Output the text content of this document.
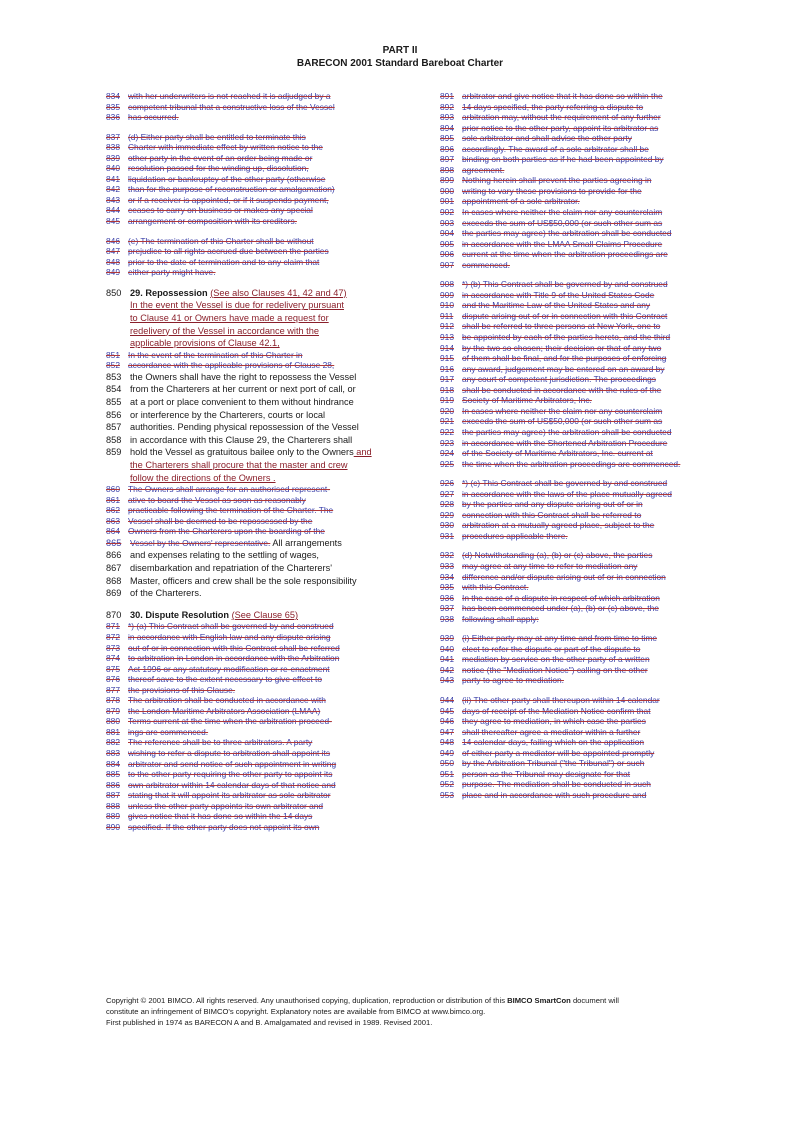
PART II
BARECON 2001 Standard Bareboat Charter
834 with her underwriters is not reached it is adjudged by a
835 competent tribunal that a constructive loss of the Vessel
836 has occurred.
837 (d) Either party shall be entitled to terminate this
838 Charter with immediate effect by written notice to the
839 other party in the event of an order being made or
840 resolution passed for the winding up, dissolution,
841 liquidation or bankruptcy of the other party (otherwise
842 than for the purpose of reconstruction or amalgamation)
843 or if a receiver is appointed, or if it suspends payment,
844 ceases to carry on business or makes any special
845 arrangement or composition with its creditors.
846 (e) The termination of this Charter shall be without
847 prejudice to all rights accrued due between the parties
848 prior to the date of termination and to any claim that
849 either party might have.
850 29. Repossession (See also Clauses 41, 42 and 47)
In the event the Vessel is due for redelivery pursuant
to Clause 41 or Owners have made a request for
redelivery of the Vessel in accordance with the
applicable provisions of Clause 42.1,
851 In the event of the termination of this Charter in
852 accordance with the applicable provisions of Clause 28,
853 the Owners shall have the right to repossess the Vessel
854 from the Charterers at her current or next port of call, or
855 at a port or place convenient to them without hindrance
856 or interference by the Charterers, courts or local
857 authorities. Pending physical repossession of the Vessel
858 in accordance with this Clause 29, the Charterers shall
859 hold the Vessel as gratuitous bailee only to the Owners and
the Charterers shall procure that the master and crew
follow the directions of the Owners .
860 The Owners shall arrange for an authorised represent-
861 ative to board the Vessel as soon as reasonably
862 practicable following the termination of the Charter. The
863 Vessel shall be deemed to be repossessed by the
864 Owners from the Charterers upon the boarding of the
865	Vessel by the Owners' representative. All arrangements
866 and expenses relating to the settling of wages,
867 disembarkation and repatriation of the Charterers'
868 Master, officers and crew shall be the sole responsibility
869 of the Charterers.
870 30. Dispute Resolution (See Clause 65)
871 *) (a) This Contract shall be governed by and construed
872 in accordance with English law and any dispute arising
873 out of or in connection with this Contract shall be referred
874 to arbitration in London in accordance with the Arbitration
875 Act 1996 or any statutory modification or re-enactment
876 thereof save to the extent necessary to give effect to
877 the provisions of this Clause.
878 The arbitration shall be conducted in accordance with
879 the London Maritime Arbitrators Association (LMAA)
880 Terms current at the time when the arbitration proceed-
881 ings are commenced.
882 The reference shall be to three arbitrators. A party
883 wishing to refer a dispute to arbitration shall appoint its
884 arbitrator and send notice of such appointment in writing
885 to the other party requiring the other party to appoint its
886 own arbitrator within 14 calendar days of that notice and
887 stating that it will appoint its arbitrator as sole arbitrator
888 unless the other party appoints its own arbitrator and
889 gives notice that it has done so within the 14 days
890 specified. If the other party does not appoint its own
891 arbitrator and give notice that it has done so within the
892 14 days specified, the party referring a dispute to
893 arbitration may, without the requirement of any further
894 prior notice to the other party, appoint its arbitrator as
895 sole arbitrator and shall advise the other party
896 accordingly. The award of a sole arbitrator shall be
897 binding on both parties as if he had been appointed by
898 agreement.
899 Nothing herein shall prevent the parties agreeing in
900 writing to vary these provisions to provide for the
901 appointment of a sole arbitrator.
902 In cases where neither the claim nor any counterclaim
903 exceeds the sum of US$50,000 (or such other sum as
904 the parties may agree) the arbitration shall be conducted
905 in accordance with the LMAA Small Claims Procedure
906 current at the time when the arbitration proceedings are
907 commenced.
908 *) (b) This Contract shall be governed by and construed
909 in accordance with Title 9 of the United States Code
910 and the Maritime Law of the United States and any
911	dispute arising out of or in connection with this Contract
912 shall be referred to three persons at New York, one to
913 be appointed by each of the parties hereto, and the third
914 by the two so chosen; their decision or that of any two
915 of them shall be final, and for the purposes of enforcing
916 any award, judgement may be entered on an award by
917 any court of competent jurisdiction. The proceedings
918 shall be conducted in accordance with the rules of the
919 Society of Maritime Arbitrators, Inc.
920 In cases where neither the claim nor any counterclaim
921 exceeds the sum of US$50,000 (or such other sum as
922 the parties may agree) the arbitration shall be conducted
923 in accordance with the Shortened Arbitration Procedure
924 of the Society of Maritime Arbitrators, Inc. current at
925 the time when the arbitration proceedings are commenced.
926 *) (c) This Contract shall be governed by and construed
927 in accordance with the laws of the place mutually agreed
928 by the parties and any dispute arising out of or in
929 connection with this Contract shall be referred to
930 arbitration at a mutually agreed place, subject to the
931 procedures applicable there.
932 (d) Notwithstanding (a), (b) or (c) above, the parties
933 may agree at any time to refer to mediation any
934 difference and/or dispute arising out of or in connection
935 with this Contract.
936 In the case of a dispute in respect of which arbitration
937 has been commenced under (a), (b) or (c) above, the
938 following shall apply:
939 (i) Either party may at any time and from time to time
940 elect to refer the dispute or part of the dispute to
941 mediation by service on the other party of a written
942 notice (the "Mediation Notice") calling on the other
943 party to agree to mediation.
944 (ii) The other party shall thereupon within 14 calendar
945 days of receipt of the Mediation Notice confirm that
946 they agree to mediation, in which case the parties
947 shall thereafter agree a mediator within a further
948 14 calendar days, failing which on the application
949 of either party a mediator will be appointed promptly
950 by the Arbitration Tribunal ("the Tribunal") or such
951 person as the Tribunal may designate for that
952 purpose. The mediation shall be conducted in such
953 place and in accordance with such procedure and
Copyright © 2001 BIMCO. All rights reserved. Any unauthorised copying, duplication, reproduction or distribution of this BIMCO SmartCon document will
constitute an infringement of BIMCO's copyright. Explanatory notes are available from BIMCO at www.bimco.org.
First published in 1974 as BARECON A and B. Amalgamated and revised in 1989. Revised 2001.
